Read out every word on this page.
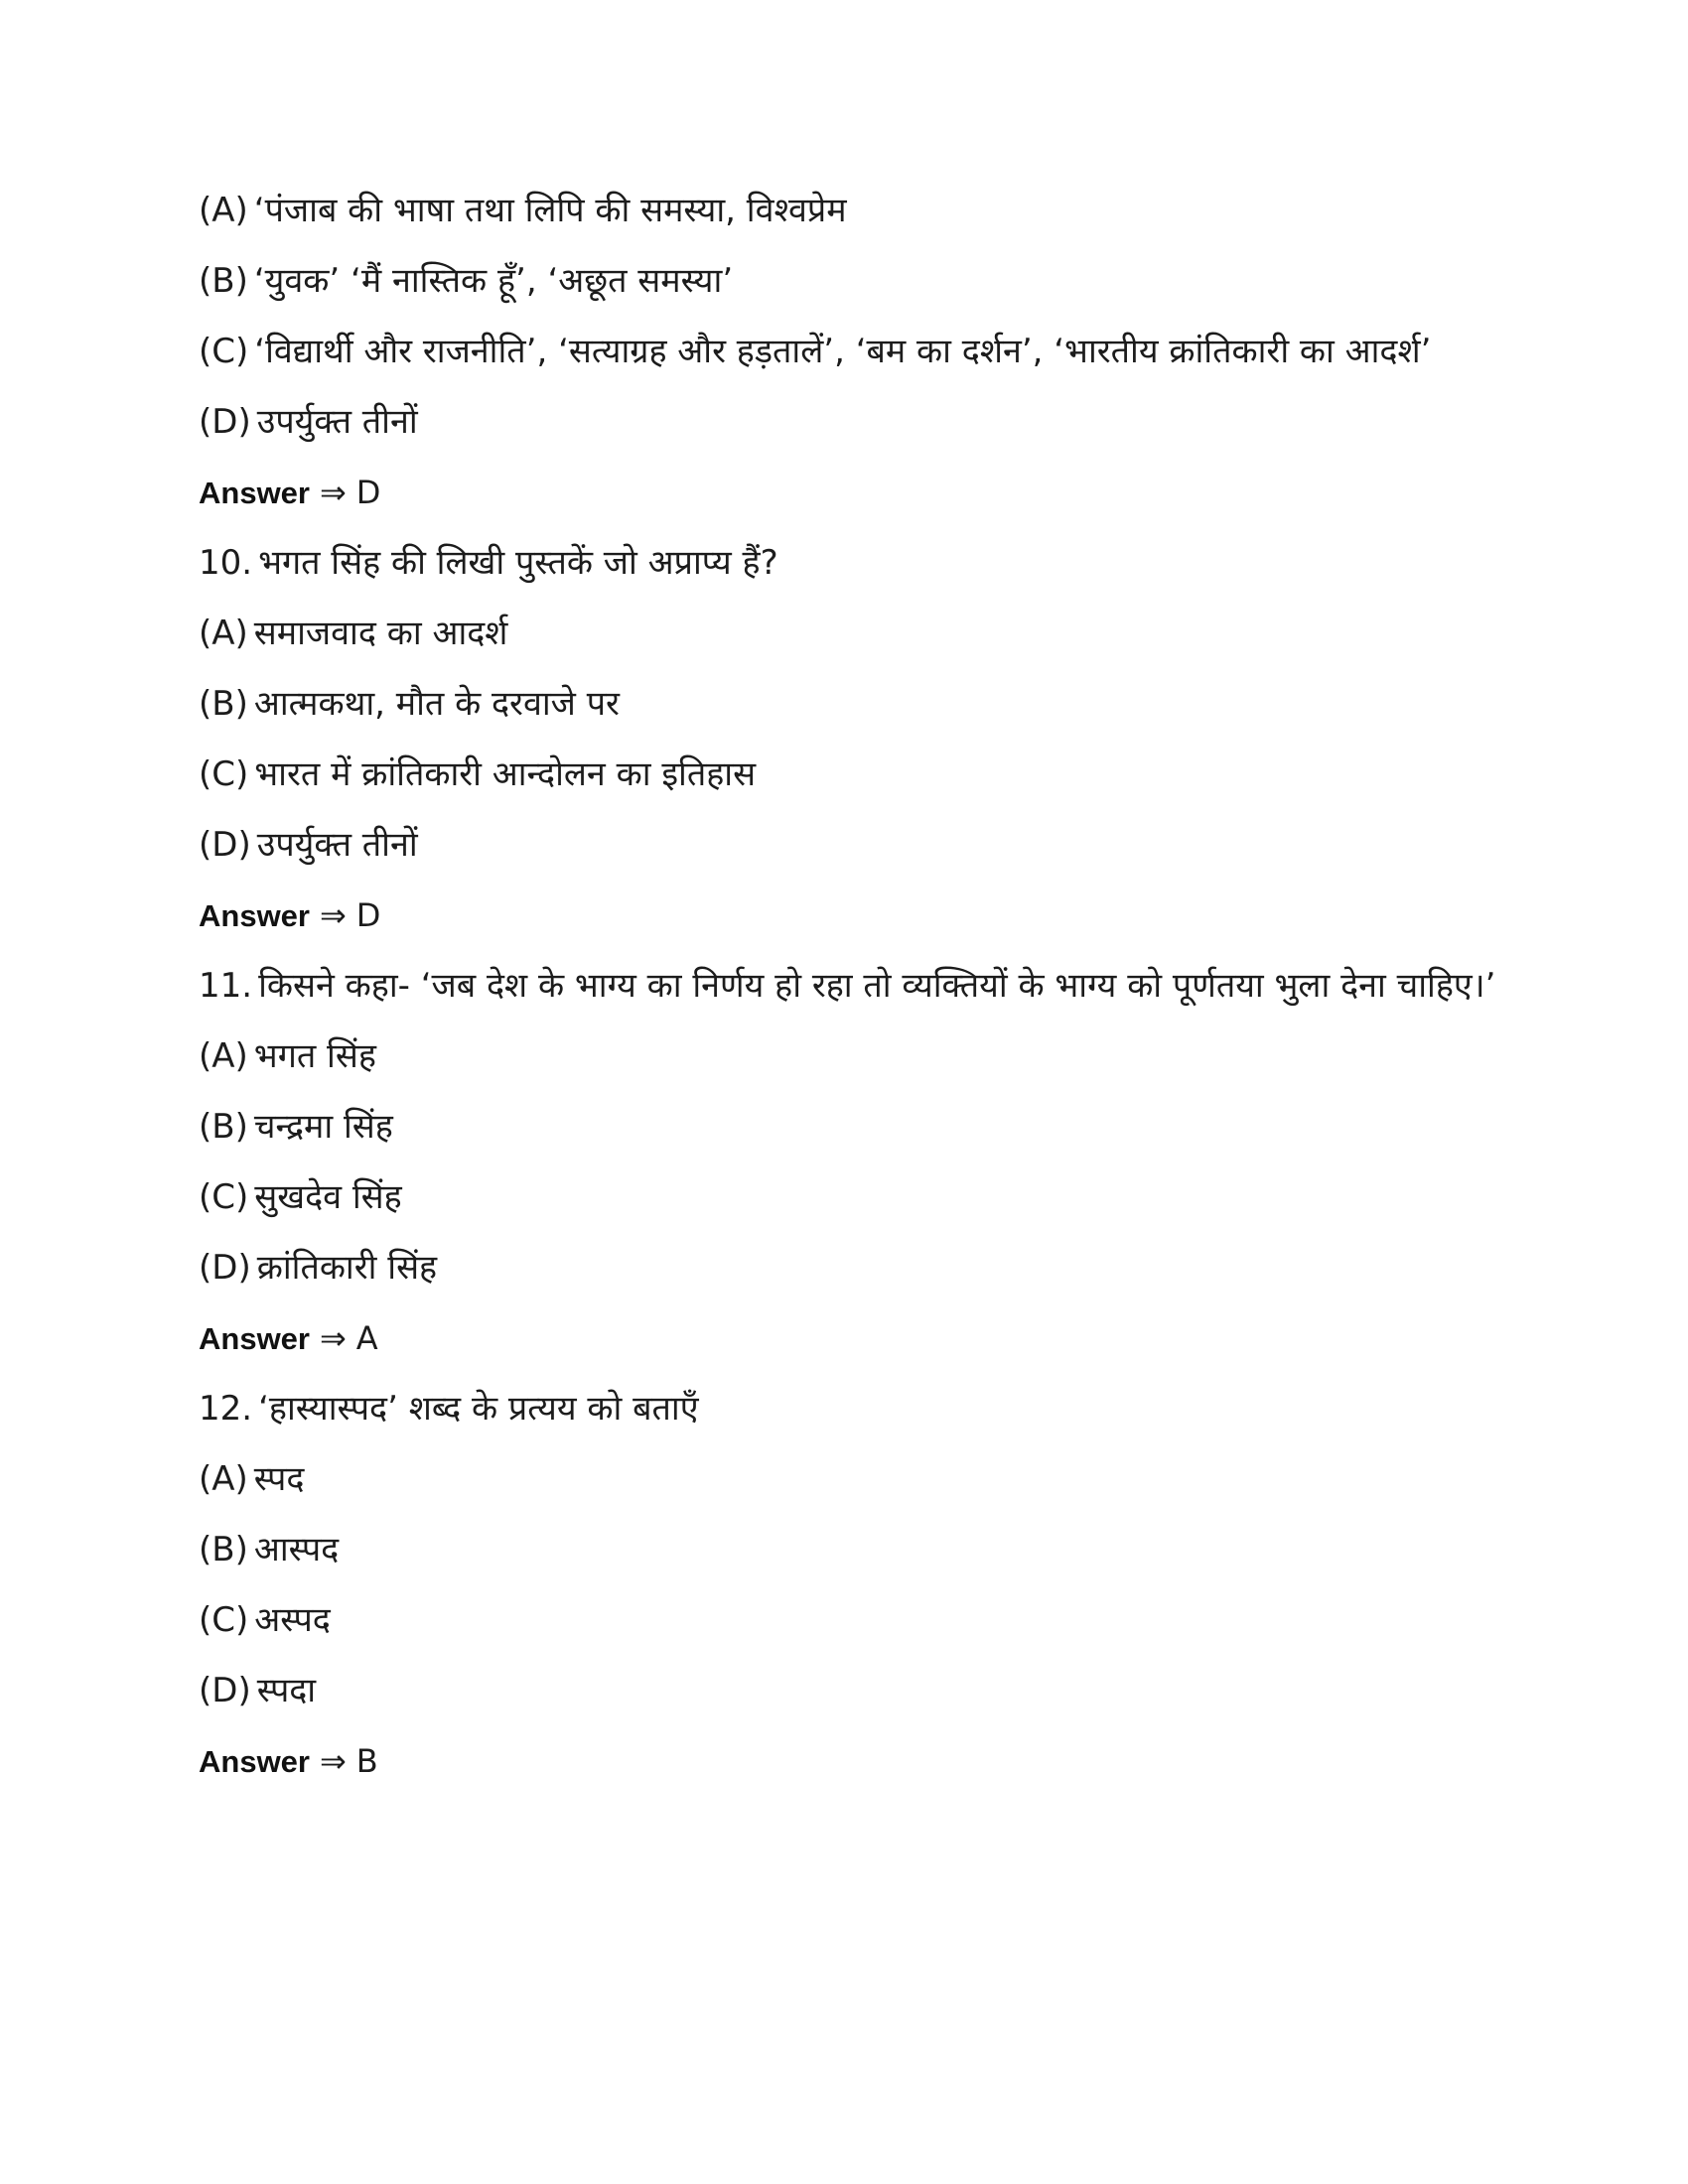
(A) ‘पंजाब की भाषा तथा लिपि की समस्या, विश्वप्रेम

(B) ‘युवक’ ‘मैं नास्तिक हूँ’, ‘अछूत समस्या’

(C) ‘विद्यार्थी और राजनीति’, ‘सत्याग्रह और हड़तालें’, ‘बम का दर्शन’, ‘भारतीय क्रांतिकारी का आदर्श’

(D) उपर्युक्त तीनों

Answer ⇒ D

10. भगत सिंह की लिखी पुस्तकें जो अप्राप्य हैं?

(A) समाजवाद का आदर्श

(B) आत्मकथा, मौत के दरवाजे पर

(C) भारत में क्रांतिकारी आन्दोलन का इतिहास

(D) उपर्युक्त तीनों

Answer ⇒ D

11. किसने कहा- ‘जब देश के भाग्य का निर्णय हो रहा तो व्यक्तियों के भाग्य को पूर्णतया भुला देना चाहिए।’

(A) भगत सिंह

(B) चन्द्रमा सिंह

(C) सुखदेव सिंह

(D) क्रांतिकारी सिंह

Answer ⇒ A

12. ‘हास्यास्पद’ शब्द के प्रत्यय को बताएँ

(A) स्पद

(B) आस्पद

(C) अस्पद

(D) स्पदा

Answer ⇒ B
